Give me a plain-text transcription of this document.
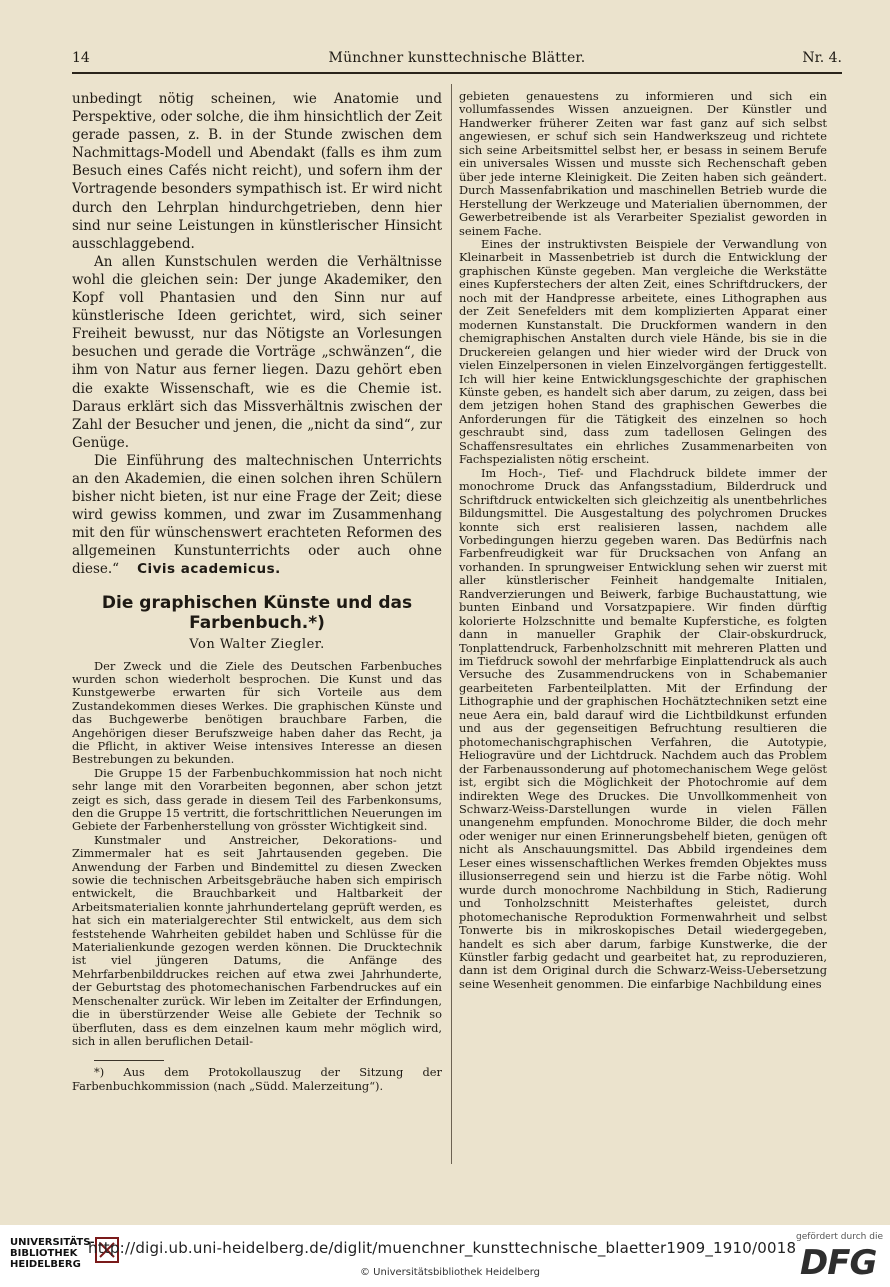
14	Münchner kunsttechnische Blätter.	Nr. 4.

unbedingt nötig scheinen, wie Anatomie und Perspektive, oder solche, die ihm hinsichtlich der Zeit gerade passen, z. B. in der Stunde zwischen dem Nachmittags-Modell und Abendakt (falls es ihm zum Besuch eines Cafés nicht reicht), und sofern ihm der Vortragende besonders sympathisch ist. Er wird nicht durch den Lehrplan hindurchgetrieben, denn hier sind nur seine Leistungen in künstlerischer Hinsicht ausschlaggebend.

An allen Kunstschulen werden die Verhältnisse wohl die gleichen sein: Der junge Akademiker, den Kopf voll Phantasien und den Sinn nur auf künstlerische Ideen gerichtet, wird, sich seiner Freiheit bewusst, nur das Nötigste an Vorlesungen besuchen und gerade die Vorträge „schwänzen“, die ihm von Natur aus ferner liegen. Dazu gehört eben die exakte Wissenschaft, wie es die Chemie ist. Daraus erklärt sich das Missverhältnis zwischen der Zahl der Besucher und jenen, die „nicht da sind“, zur Genüge.

Die Einführung des maltechnischen Unterrichts an den Akademien, die einen solchen ihren Schülern bisher nicht bieten, ist nur eine Frage der Zeit; diese wird gewiss kommen, und zwar im Zusammenhang mit den für wünschenswert erachteten Reformen des allgemeinen Kunstunterrichts oder auch ohne diese.“ Civis academicus.

Die graphischen Künste und das Farbenbuch.*)
Von Walter Ziegler.

Der Zweck und die Ziele des Deutschen Farbenbuches wurden schon wiederholt besprochen. Die Kunst und das Kunstgewerbe erwarten für sich Vorteile aus dem Zustandekommen dieses Werkes. Die graphischen Künste und das Buchgewerbe benötigen brauchbare Farben, die Angehörigen dieser Berufszweige haben daher das Recht, ja die Pflicht, in aktiver Weise intensives Interesse an diesen Bestrebungen zu bekunden.

Die Gruppe 15 der Farbenbuchkommission hat noch nicht sehr lange mit den Vorarbeiten begonnen, aber schon jetzt zeigt es sich, dass gerade in diesem Teil des Farbenkonsums, den die Gruppe 15 vertritt, die fortschrittlichen Neuerungen im Gebiete der Farbenherstellung von grösster Wichtigkeit sind.

Kunstmaler und Anstreicher, Dekorations- und Zimmermaler hat es seit Jahrtausenden gegeben. Die Anwendung der Farben und Bindemittel zu diesen Zwecken sowie die technischen Arbeitsgebräuche haben sich empirisch entwickelt, die Brauchbarkeit und Haltbarkeit der Arbeitsmaterialien konnte jahrhundertelang geprüft werden, es hat sich ein materialgerechter Stil entwickelt, aus dem sich feststehende Wahrheiten gebildet haben und Schlüsse für die Materialienkunde gezogen werden können. Die Drucktechnik ist viel jüngeren Datums, die Anfänge des Mehrfarbenbilddruckes reichen auf etwa zwei Jahrhunderte, der Geburtstag des photomechanischen Farbendruckes auf ein Menschenalter zurück. Wir leben im Zeitalter der Erfindungen, die in überstürzender Weise alle Gebiete der Technik so überfluten, dass es dem einzelnen kaum mehr möglich wird, sich in allen beruflichen Detail-

*) Aus dem Protokollauszug der Sitzung der Farbenbuchkommission (nach „Südd. Malerzeitung“).

gebieten genauestens zu informieren und sich ein vollumfassendes Wissen anzueignen. Der Künstler und Handwerker früherer Zeiten war fast ganz auf sich selbst angewiesen, er schuf sich sein Handwerkszeug und richtete sich seine Arbeitsmittel selbst her, er besass in seinem Berufe ein universales Wissen und musste sich Rechenschaft geben über jede interne Kleinigkeit. Die Zeiten haben sich geändert. Durch Massenfabrikation und maschinellen Betrieb wurde die Herstellung der Werkzeuge und Materialien übernommen, der Gewerbetreibende ist als Verarbeiter Spezialist geworden in seinem Fache.

Eines der instruktivsten Beispiele der Verwandlung von Kleinarbeit in Massenbetrieb ist durch die Entwicklung der graphischen Künste gegeben. Man vergleiche die Werkstätte eines Kupferstechers der alten Zeit, eines Schriftdruckers, der noch mit der Handpresse arbeitete, eines Lithographen aus der Zeit Senefelders mit dem komplizierten Apparat einer modernen Kunstanstalt. Die Druckformen wandern in den chemigraphischen Anstalten durch viele Hände, bis sie in die Druckereien gelangen und hier wieder wird der Druck von vielen Einzelpersonen in vielen Einzelvorgängen fertiggestellt. Ich will hier keine Entwicklungsgeschichte der graphischen Künste geben, es handelt sich aber darum, zu zeigen, dass bei dem jetzigen hohen Stand des graphischen Gewerbes die Anforderungen für die Tätigkeit des einzelnen so hoch geschraubt sind, dass zum tadellosen Gelingen des Schaffensresultates ein ehrliches Zusammenarbeiten von Fachspezialisten nötig erscheint.

Im Hoch-, Tief- und Flachdruck bildete immer der monochrome Druck das Anfangsstadium, Bilderdruck und Schriftdruck entwickelten sich gleichzeitig als unentbehrliches Bildungsmittel. Die Ausgestaltung des polychromen Druckes konnte sich erst realisieren lassen, nachdem alle Vorbedingungen hierzu gegeben waren. Das Bedürfnis nach Farbenfreudigkeit war für Drucksachen von Anfang an vorhanden. In sprungweiser Entwicklung sehen wir zuerst mit aller künstlerischer Feinheit handgemalte Initialen, Randverzierungen und Beiwerk, farbige Buchaustattung, wie bunten Einband und Vorsatzpapiere. Wir finden dürftig kolorierte Holzschnitte und bemalte Kupferstiche, es folgten dann in manueller Graphik der Clair-obskurdruck, Tonplattendruck, Farbenholzschnitt mit mehreren Platten und im Tiefdruck sowohl der mehrfarbige Einplattendruck als auch Versuche des Zusammendruckens von in Schabemanier gearbeiteten Farbenteilplatten. Mit der Erfindung der Lithographie und der graphischen Hochätztechniken setzt eine neue Aera ein, bald darauf wird die Lichtbildkunst erfunden und aus der gegenseitigen Befruchtung resultieren die photomechanischgraphischen Verfahren, die Autotypie, Heliogravüre und der Lichtdruck. Nachdem auch das Problem der Farbenaussonderung auf photomechanischem Wege gelöst ist, ergibt sich die Möglichkeit der Photochromie auf dem indirekten Wege des Druckes. Die Unvollkommenheit von Schwarz-Weiss-Darstellungen wurde in vielen Fällen unangenehm empfunden. Monochrome Bilder, die doch mehr oder weniger nur einen Erinnerungsbehelf bieten, genügen oft nicht als Anschauungsmittel. Das Abbild irgendeines dem Leser eines wissenschaftlichen Werkes fremden Objektes muss illusionserregend sein und hierzu ist die Farbe nötig. Wohl wurde durch monochrome Nachbildung in Stich, Radierung und Tonholzschnitt Meisterhaftes geleistet, durch photomechanische Reproduktion Formenwahrheit und selbst Tonwerte bis in mikroskopisches Detail wiedergegeben, handelt es sich aber darum, farbige Kunstwerke, die der Künstler farbig gedacht und gearbeitet hat, zu reproduzieren, dann ist dem Original durch die Schwarz-Weiss-Uebersetzung seine Wesenheit genommen. Die einfarbige Nachbildung eines

UNIVERSITÄTS-
BIBLIOTHEK
HEIDELBERG
http://digi.ub.uni-heidelberg.de/diglit/muenchner_kunsttechnische_blaetter1909_1910/0018
© Universitätsbibliothek Heidelberg
gefördert durch die
DFG
